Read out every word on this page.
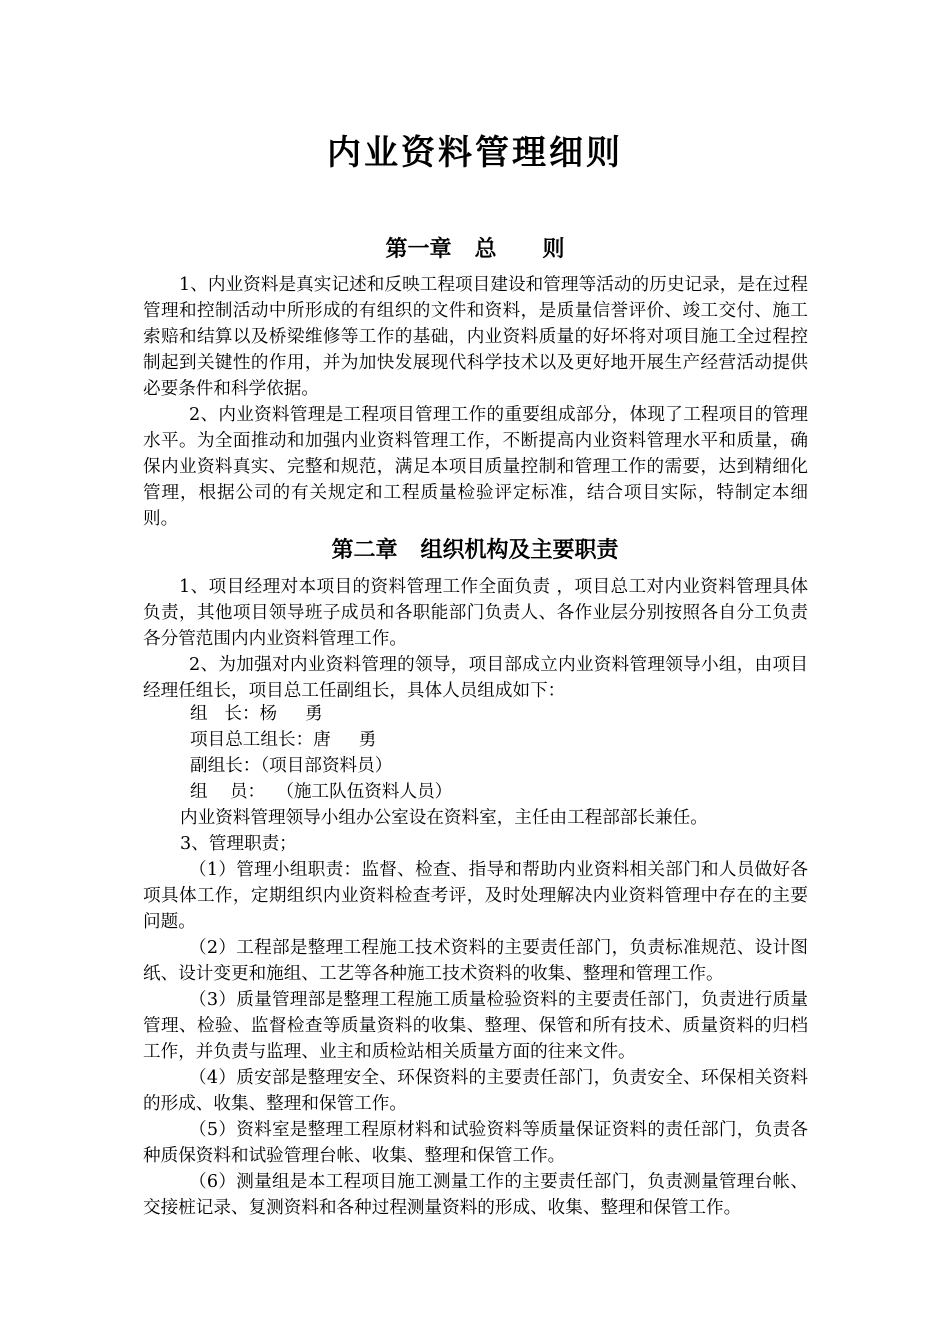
内业资料管理细则
第一章   总      则

1、内业资料是真实记述和反映工程项目建设和管理等活动的历史记录，是在过程管理和控制活动中所形成的有组织的文件和资料，是质量信誉评价、竣工交付、施工索赔和结算以及桥梁维修等工作的基础，内业资料质量的好坏将对项目施工全过程控制起到关键性的作用，并为加快发展现代科学技术以及更好地开展生产经营活动提供必要条件和科学依据。

2、内业资料管理是工程项目管理工作的重要组成部分，体现了工程项目的管理水平。为全面推动和加强内业资料管理工作，不断提高内业资料管理水平和质量，确保内业资料真实、完整和规范，满足本项目质量控制和管理工作的需要，达到精细化管理，根据公司的有关规定和工程质量检验评定标准，结合项目实际，特制定本细则。

第二章   组织机构及主要职责

1、项目经理对本项目的资料管理工作全面负责 ，项目总工对内业资料管理具体负责，其他项目领导班子成员和各职能部门负责人、各作业层分别按照各自分工负责各分管范围内内业资料管理工作。

2、为加强对内业资料管理的领导，项目部成立内业资料管理领导小组，由项目经理任组长，项目总工任副组长，具体人员组成如下：

组   长：杨     勇

项目总工组长：唐     勇

副组长：（项目部资料员）

组    员：  （施工队伍资料人员）

内业资料管理领导小组办公室设在资料室，主任由工程部部长兼任。

3、管理职责；

（1）管理小组职责：监督、检查、指导和帮助内业资料相关部门和人员做好各项具体工作，定期组织内业资料检查考评，及时处理解决内业资料管理中存在的主要问题。

（2）工程部是整理工程施工技术资料的主要责任部门，负责标准规范、设计图纸、设计变更和施组、工艺等各种施工技术资料的收集、整理和管理工作。

（3）质量管理部是整理工程施工质量检验资料的主要责任部门，负责进行质量管理、检验、监督检查等质量资料的收集、整理、保管和所有技术、质量资料的归档工作，并负责与监理、业主和质检站相关质量方面的往来文件。

（4）质安部是整理安全、环保资料的主要责任部门，负责安全、环保相关资料的形成、收集、整理和保管工作。

（5）资料室是整理工程原材料和试验资料等质量保证资料的责任部门，负责各种质保资料和试验管理台帐、收集、整理和保管工作。

（6）测量组是本工程项目施工测量工作的主要责任部门，负责测量管理台帐、交接桩记录、复测资料和各种过程测量资料的形成、收集、整理和保管工作。
